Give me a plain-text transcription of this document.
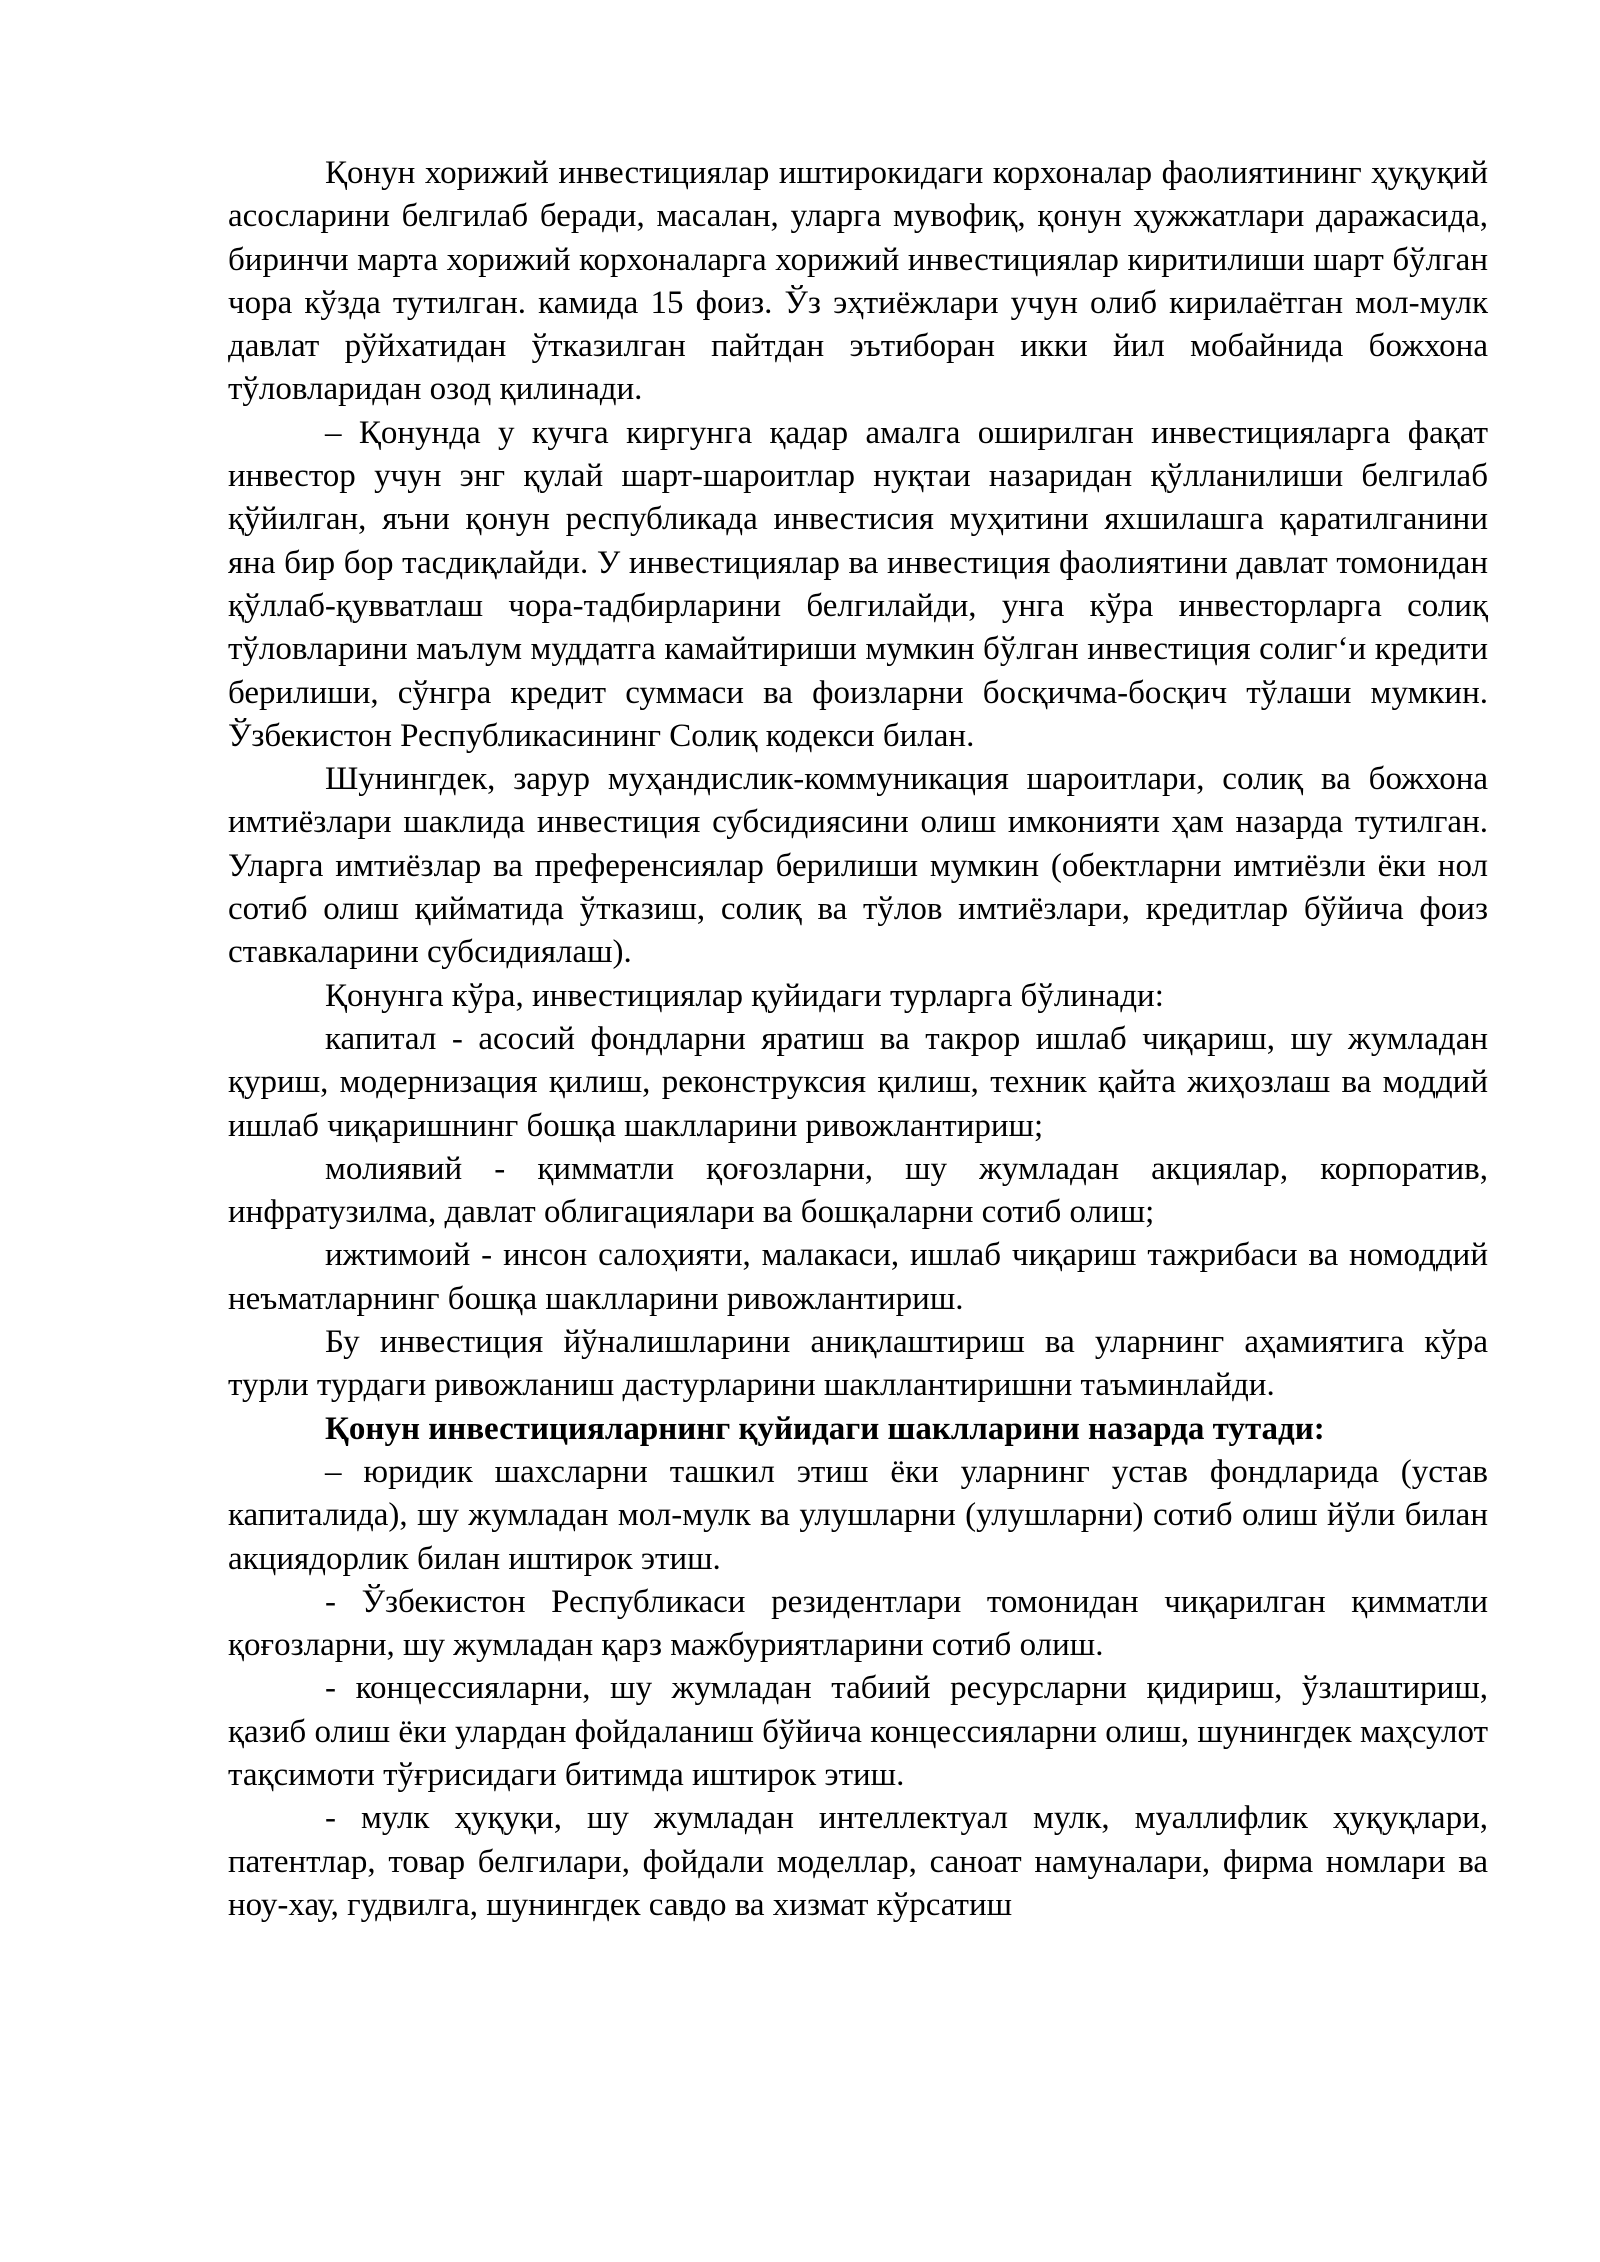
Қонун хорижий инвестициялар иштирокидаги корхоналар фаолиятининг ҳуқуқий асосларини белгилаб беради, масалан, уларга мувофиқ, қонун ҳужжатлари даражасида, биринчи марта хорижий корхоналарга хорижий инвестициялар киритилиши шарт бўлган чора кўзда тутилган. камида 15 фоиз. Ўз эҳтиёжлари учун олиб кирилаётган мол-мулк давлат рўйхатидан ўтказилган пайтдан эътиборан икки йил мобайнида божхона тўловларидан озод қилинади.

– Қонунда у кучга киргунга қадар амалга оширилган инвестицияларга фақат инвестор учун энг қулай шарт-шароитлар нуқтаи назаридан қўлланилиши белгилаб қўйилган, яъни қонун республикада инвестисия муҳитини яхшилашга қаратилганини яна бир бор тасдиқлайди. У инвестициялар ва инвестиция фаолиятини давлат томонидан қўллаб-қувватлаш чора-тадбирларини белгилайди, унга кўра инвесторларга солиқ тўловларини маълум муддатга камайтириши мумкин бўлган инвестиция солигʻи кредити берилиши, сўнгра кредит суммаси ва фоизларни босқичма-босқич тўлаши мумкин. Ўзбекистон Республикасининг Солиқ кодекси билан.

Шунингдек, зарур муҳандислик-коммуникация шароитлари, солиқ ва божхона имтиёзлари шаклида инвестиция субсидиясини олиш имконияти ҳам назарда тутилган. Уларга имтиёзлар ва преференсиялар берилиши мумкин (обектларни имтиёзли ёки нол сотиб олиш қийматида ўтказиш, солиқ ва тўлов имтиёзлари, кредитлар бўйича фоиз ставкаларини субсидиялаш).

Қонунга кўра, инвестициялар қуйидаги турларга бўлинади:

капитал - асосий фондларни яратиш ва такрор ишлаб чиқариш, шу жумладан қуриш, модернизация қилиш, реконструксия қилиш, техник қайта жиҳозлаш ва моддий ишлаб чиқаришнинг бошқа шаклларини ривожлантириш;

молиявий - қимматли қоғозларни, шу жумладан акциялар, корпоратив, инфратузилма, давлат облигациялари ва бошқаларни сотиб олиш;

ижтимоий - инсон салоҳияти, малакаси, ишлаб чиқариш тажрибаси ва номоддий неъматларнинг бошқа шаклларини ривожлантириш.

Бу инвестиция йўналишларини аниқлаштириш ва уларнинг аҳамиятига кўра турли турдаги ривожланиш дастурларини шакллантиришни таъминлайди.

Қонун инвестицияларнинг қуйидаги шаклларини назарда тутади:

– юридик шахсларни ташкил этиш ёки уларнинг устав фондларида (устав капиталида), шу жумладан мол-мулк ва улушларни (улушларни) сотиб олиш йўли билан акциядорлик билан иштирок этиш.

- Ўзбекистон Республикаси резидентлари томонидан чиқарилган қимматли қоғозларни, шу жумладан қарз мажбуриятларини сотиб олиш.

- концессияларни, шу жумладан табиий ресурсларни қидириш, ўзлаштириш, қазиб олиш ёки улардан фойдаланиш бўйича концессияларни олиш, шунингдек маҳсулот тақсимоти тўғрисидаги битимда иштирок этиш.

- мулк ҳуқуқи, шу жумладан интеллектуал мулк, муаллифлик ҳуқуқлари, патентлар, товар белгилари, фойдали моделлар, саноат намуналари, фирма номлари ва ноу-хау, гудвилга, шунингдек савдо ва хизмат кўрсатиш
